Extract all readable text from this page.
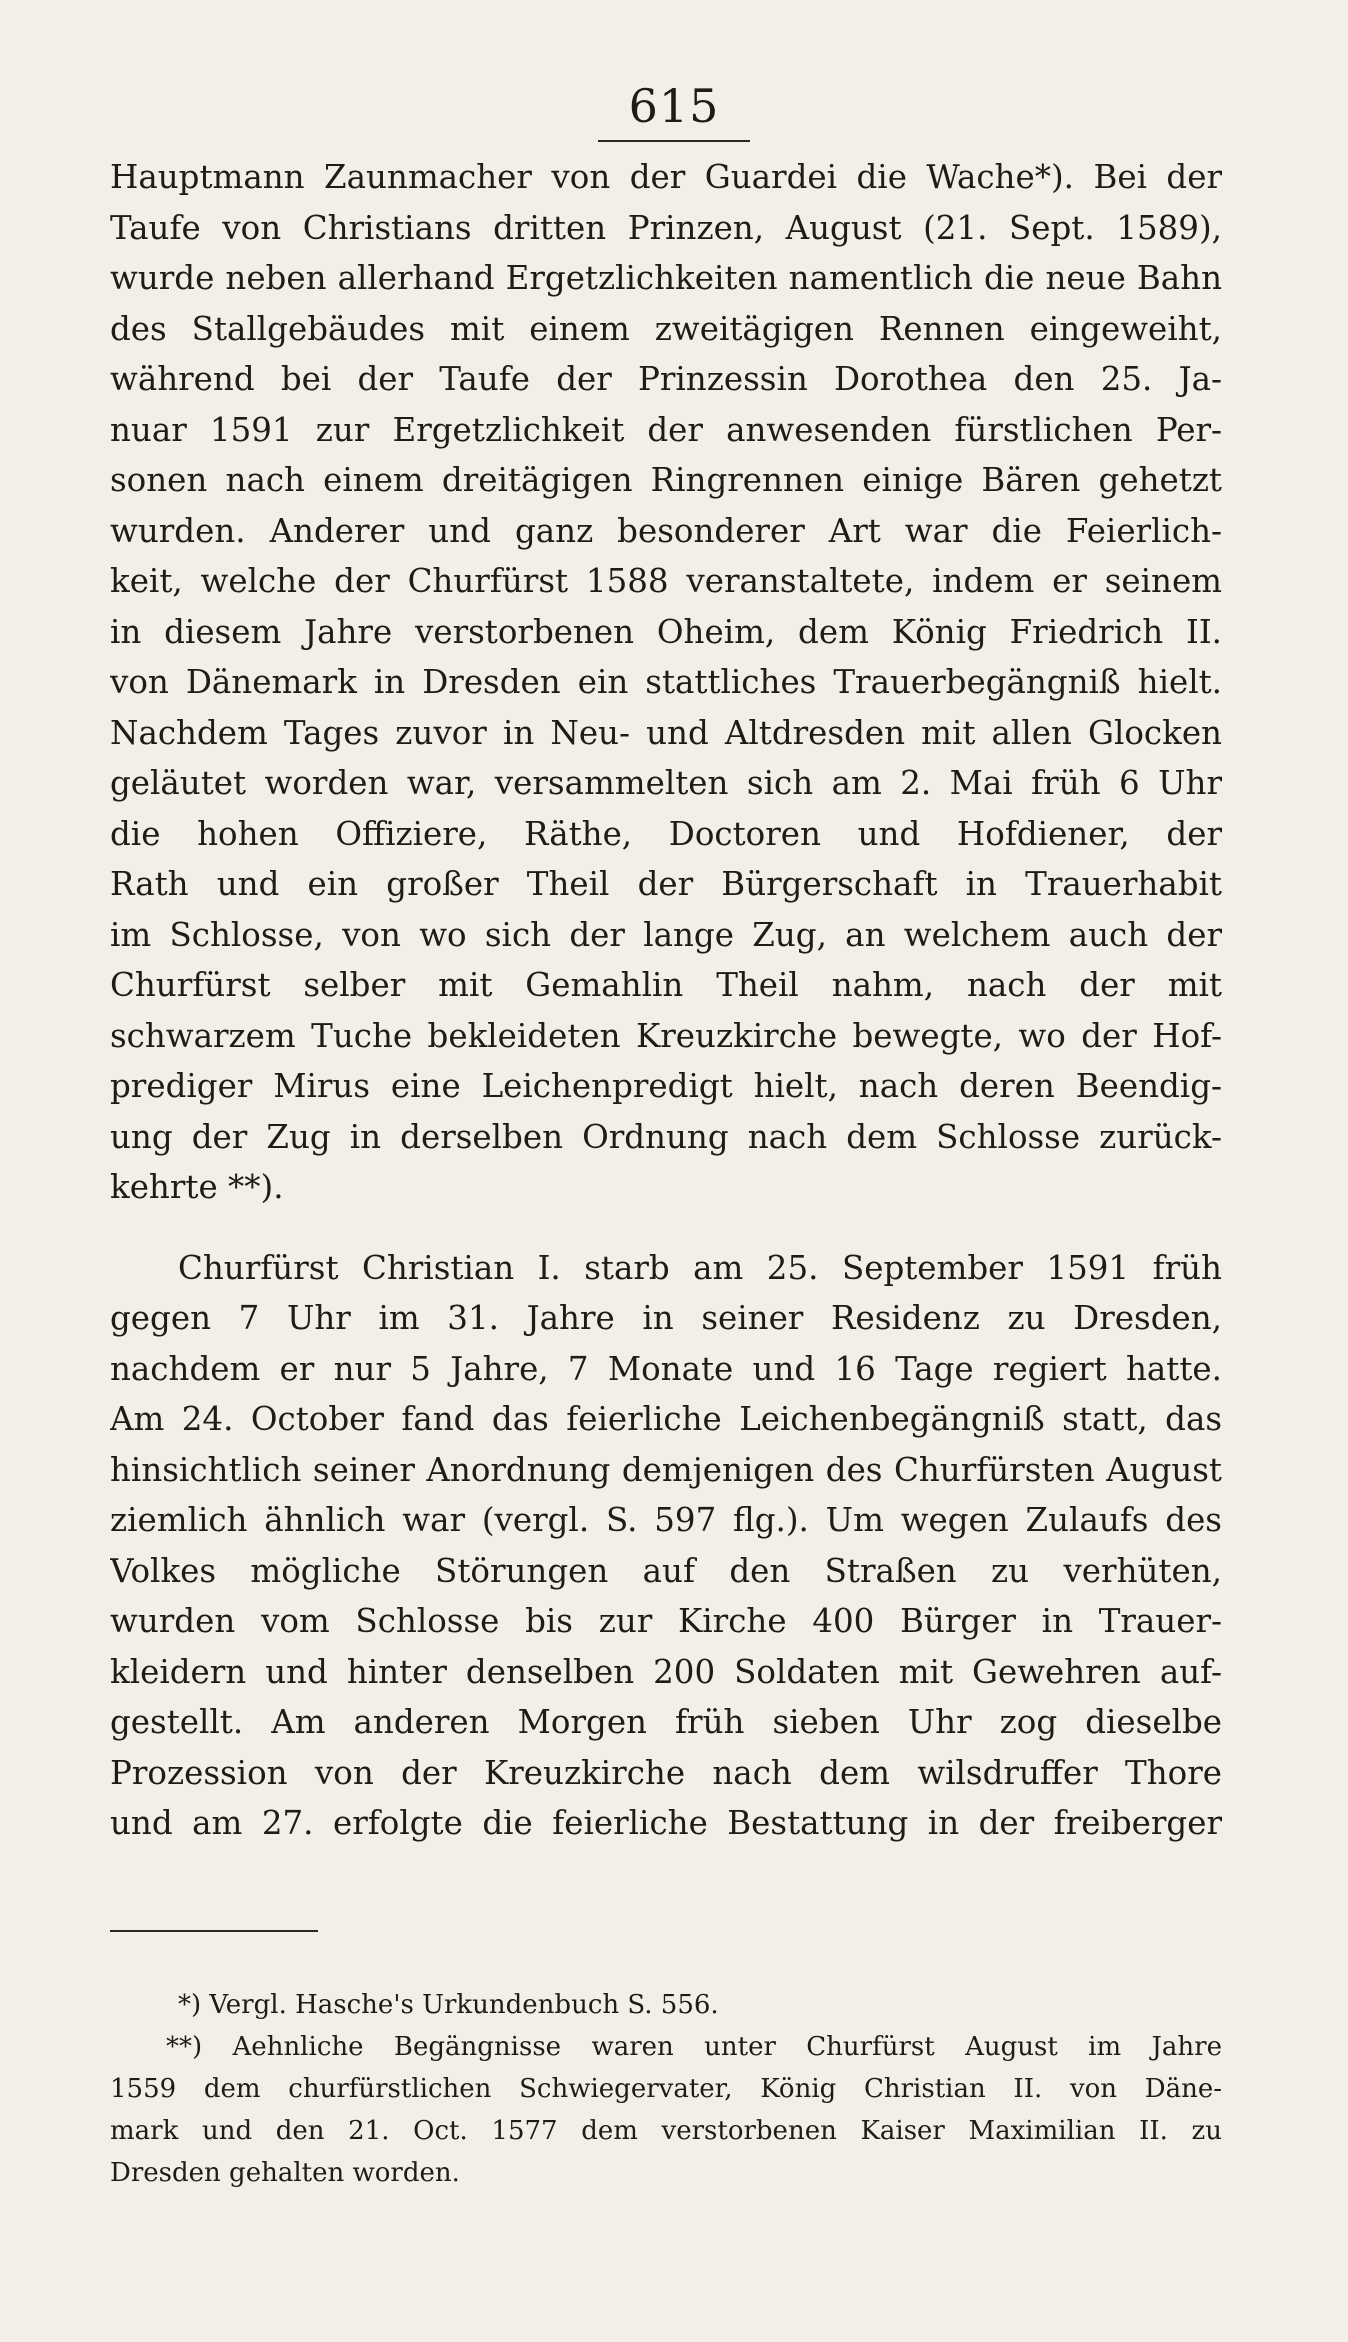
615
Hauptmann Zaunmacher von der Guardei die Wache*). Bei der
Taufe von Christians dritten Prinzen, August (21. Sept. 1589),
wurde neben allerhand Ergetzlichkeiten namentlich die neue Bahn
des Stallgebäudes mit einem zweitägigen Rennen eingeweiht,
während bei der Taufe der Prinzessin Dorothea den 25. Ja-
nuar 1591 zur Ergetzlichkeit der anwesenden fürstlichen Per-
sonen nach einem dreitägigen Ringrennen einige Bären gehetzt
wurden. Anderer und ganz besonderer Art war die Feierlich-
keit, welche der Churfürst 1588 veranstaltete, indem er seinem
in diesem Jahre verstorbenen Oheim, dem König Friedrich II.
von Dänemark in Dresden ein stattliches Trauerbegängniß hielt.
Nachdem Tages zuvor in Neu- und Altdresden mit allen Glocken
geläutet worden war, versammelten sich am 2. Mai früh 6 Uhr
die hohen Offiziere, Räthe, Doctoren und Hofdiener, der
Rath und ein großer Theil der Bürgerschaft in Trauerhabit
im Schlosse, von wo sich der lange Zug, an welchem auch der
Churfürst selber mit Gemahlin Theil nahm, nach der mit
schwarzem Tuche bekleideten Kreuzkirche bewegte, wo der Hof-
prediger Mirus eine Leichenpredigt hielt, nach deren Beendig-
ung der Zug in derselben Ordnung nach dem Schlosse zurück-
kehrte **).
Churfürst Christian I. starb am 25. September 1591 früh
gegen 7 Uhr im 31. Jahre in seiner Residenz zu Dresden,
nachdem er nur 5 Jahre, 7 Monate und 16 Tage regiert hatte.
Am 24. October fand das feierliche Leichenbegängniß statt, das
hinsichtlich seiner Anordnung demjenigen des Churfürsten August
ziemlich ähnlich war (vergl. S. 597 flg.). Um wegen Zulaufs des
Volkes mögliche Störungen auf den Straßen zu verhüten,
wurden vom Schlosse bis zur Kirche 400 Bürger in Trauer-
kleidern und hinter denselben 200 Soldaten mit Gewehren auf-
gestellt. Am anderen Morgen früh sieben Uhr zog dieselbe
Prozession von der Kreuzkirche nach dem wilsdruffer Thore
und am 27. erfolgte die feierliche Bestattung in der freiberger
*) Vergl. Hasche's Urkundenbuch S. 556.
**) Aehnliche Begängnisse waren unter Churfürst August im Jahre
1559 dem churfürstlichen Schwiegervater, König Christian II. von Däne-
mark und den 21. Oct. 1577 dem verstorbenen Kaiser Maximilian II. zu
Dresden gehalten worden.
